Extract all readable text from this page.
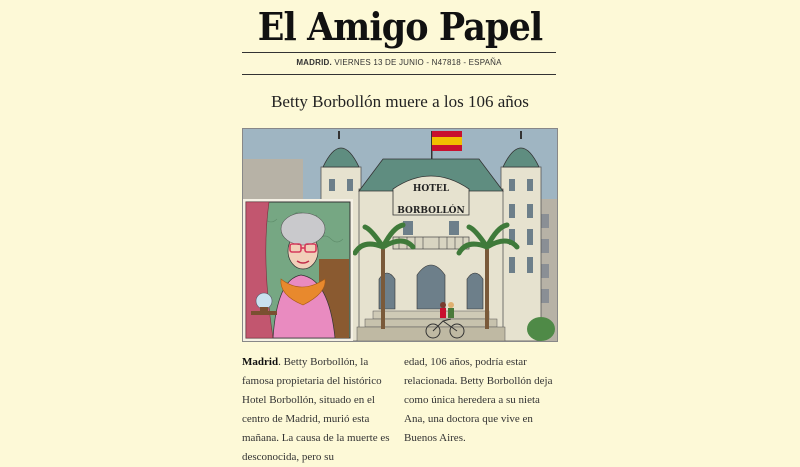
El Amigo Papel
MADRID. VIERNES 13 DE JUNIO - N47818 - ESPAÑA
Betty Borbollón muere a los 106 años
HOTEL
BORBOLLÓN
Madrid. Betty Borbollón, la famosa propietaria del histórico Hotel Borbollón, situado en el centro de Madrid, murió esta mañana. La causa de la muerte es desconocida, pero su
edad, 106 años, podría estar relacionada. Betty Borbollón deja como única heredera a su nieta Ana, una doctora que vive en Buenos Aires.
